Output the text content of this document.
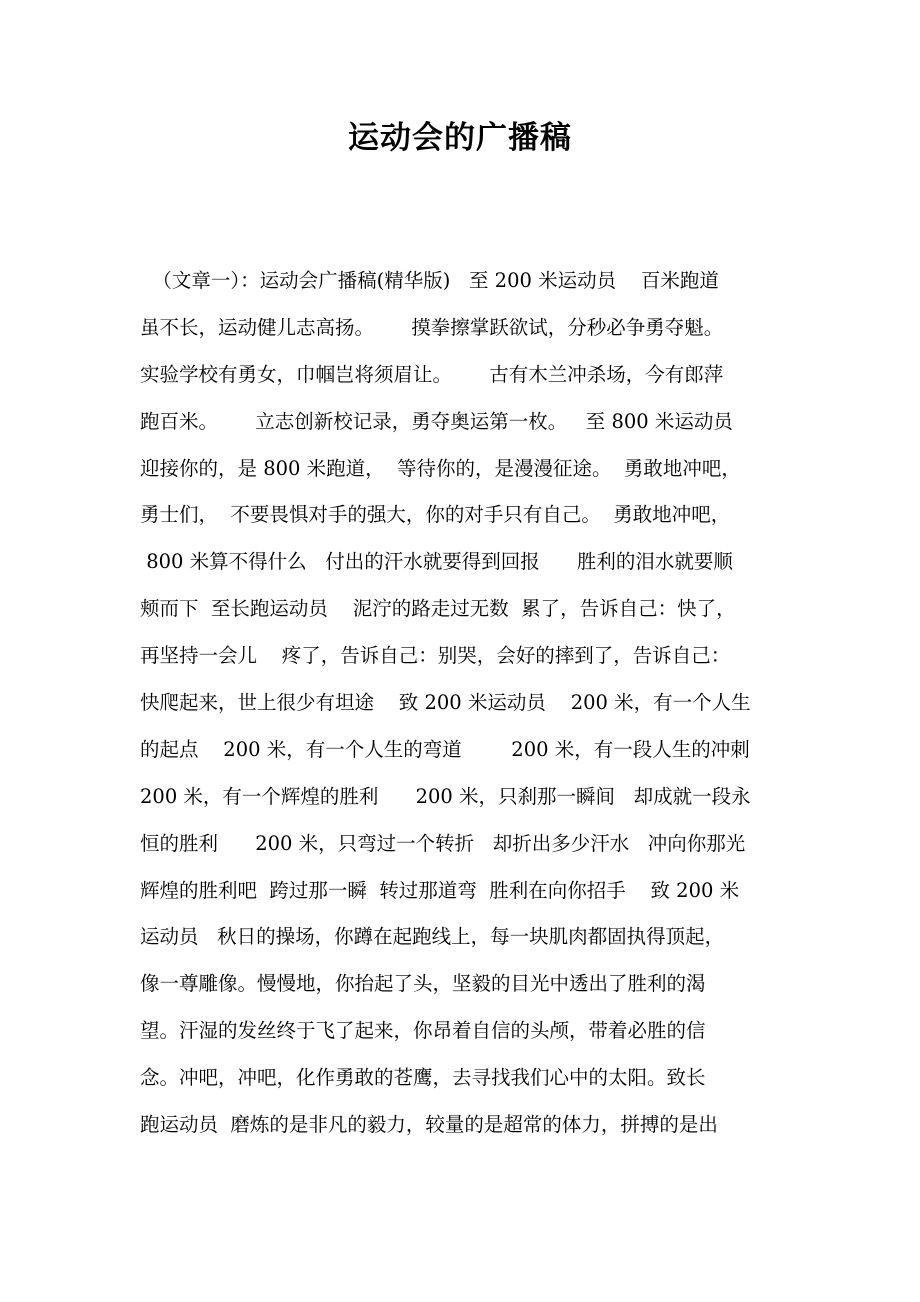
运动会的广播稿
（文章一）：运动会广播稿(精华版)   至 200 米运动员    百米跑道
虽不长，运动健儿志高扬。      摸拳擦掌跃欲试，分秒必争勇夺魁。
实验学校有勇女，巾帼岂将须眉让。      古有木兰冲杀场，今有郎萍
跑百米。      立志创新校记录，勇夺奥运第一枚。   至 800 米运动员
迎接你的，是 800 米跑道，  等待你的，是漫漫征途。  勇敢地冲吧，
勇士们，  不要畏惧对手的强大，你的对手只有自己。  勇敢地冲吧，
800 米算不得什么   付出的汗水就要得到回报      胜利的泪水就要顺
颊而下  至长跑运动员    泥泞的路走过无数  累了，告诉自己：快了，
再坚持一会儿    疼了，告诉自己：别哭，会好的摔到了，告诉自己：
快爬起来，世上很少有坦途    致 200 米运动员    200 米，有一个人生
的起点    200 米，有一个人生的弯道        200 米，有一段人生的冲刺
200 米，有一个辉煌的胜利      200 米，只刹那一瞬间   却成就一段永
恒的胜利      200 米，只弯过一个转折   却折出多少汗水   冲向你那光
辉煌的胜利吧  跨过那一瞬  转过那道弯  胜利在向你招手    致 200 米
运动员   秋日的操场，你蹲在起跑线上，每一块肌肉都固执得顶起，
像一尊雕像。慢慢地，你抬起了头，坚毅的目光中透出了胜利的渴
望。汗湿的发丝终于飞了起来，你昂着自信的头颅，带着必胜的信
念。冲吧，冲吧，化作勇敢的苍鹰，去寻找我们心中的太阳。致长
跑运动员  磨炼的是非凡的毅力，较量的是超常的体力，拼搏的是出
